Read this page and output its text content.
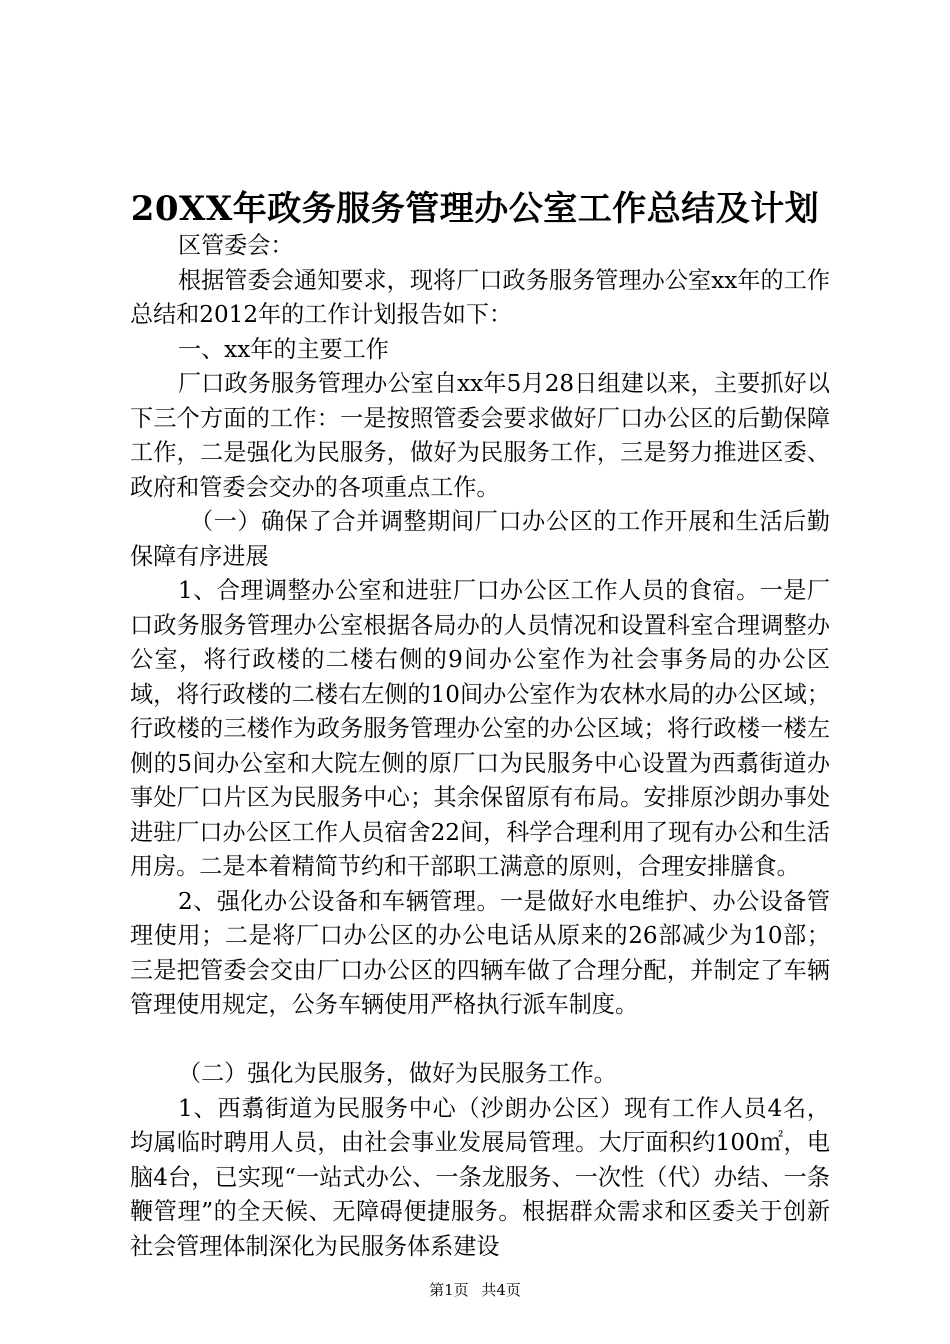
20XX年政务服务管理办公室工作总结及计划

区管委会：

根据管委会通知要求，现将厂口政务服务管理办公室xx年的工作总结和2012年的工作计划报告如下：

一、xx年的主要工作

厂口政务服务管理办公室自xx年5月28日组建以来，主要抓好以下三个方面的工作：一是按照管委会要求做好厂口办公区的后勤保障工作，二是强化为民服务，做好为民服务工作，三是努力推进区委、政府和管委会交办的各项重点工作。

（一）确保了合并调整期间厂口办公区的工作开展和生活后勤保障有序进展

1、合理调整办公室和进驻厂口办公区工作人员的食宿。一是厂口政务服务管理办公室根据各局办的人员情况和设置科室合理调整办公室，将行政楼的二楼右侧的9间办公室作为社会事务局的办公区域，将行政楼的二楼右左侧的10间办公室作为农林水局的办公区域；行政楼的三楼作为政务服务管理办公室的办公区域；将行政楼一楼左侧的5间办公室和大院左侧的原厂口为民服务中心设置为西翥街道办事处厂口片区为民服务中心；其余保留原有布局。安排原沙朗办事处进驻厂口办公区工作人员宿舍22间，科学合理利用了现有办公和生活用房。二是本着精简节约和干部职工满意的原则，合理安排膳食。

2、强化办公设备和车辆管理。一是做好水电维护、办公设备管理使用；二是将厂口办公区的办公电话从原来的26部减少为10部；三是把管委会交由厂口办公区的四辆车做了合理分配，并制定了车辆管理使用规定，公务车辆使用严格执行派车制度。

（二）强化为民服务，做好为民服务工作。

1、西翥街道为民服务中心（沙朗办公区）现有工作人员4名，均属临时聘用人员，由社会事业发展局管理。大厅面积约100㎡，电脑4台，已实现“一站式办公、一条龙服务、一次性（代）办结、一条鞭管理”的全天候、无障碍便捷服务。根据群众需求和区委关于创新社会管理体制深化为民服务体系建设

第1页 共4页
